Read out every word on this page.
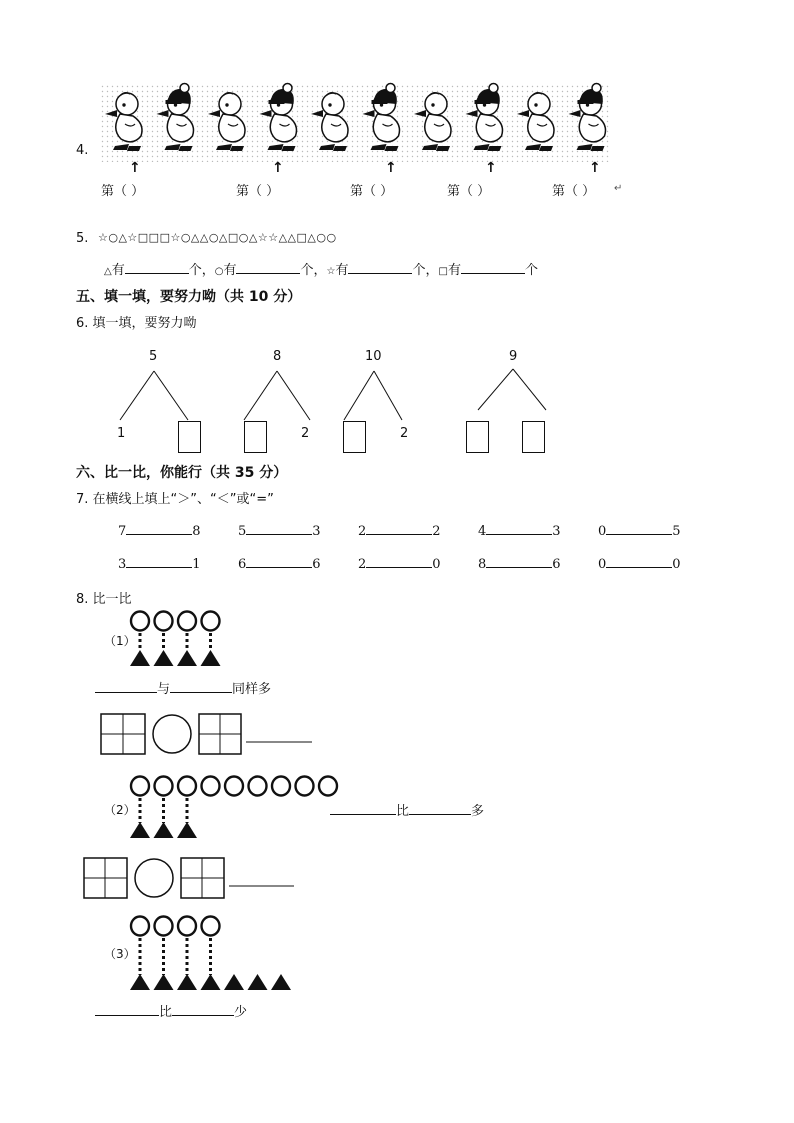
4.
↑	↑	↑	↑	↑
第（ ）	第（ ）	第（ ）	第（ ）	第（ ） ↵
5. ☆○△☆□□□☆○△△○△□○△☆☆△△□△○○
△有	个，○有	个，☆有	个，□有	个
五、填一填，要努力呦（共 10 分）
6. 填一填，要努力呦
5
1
8
2
10
2
9
六、比一比，你能行（共 35 分）
7. 在横线上填上“＞”、“＜”或“=”
7	8	5	3	2	2	4	3	0	5
3	1	6	6	2	0	8	6	0	0
8. 比一比
（1）
与	同样多
（2）	比	多
（3）
比	少
